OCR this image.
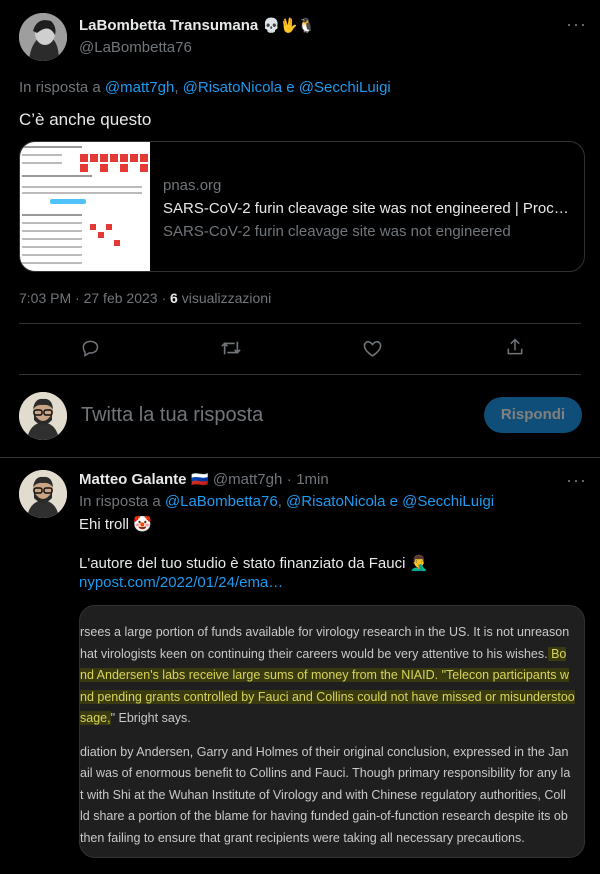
LaBombetta Transumana 💀🖖🐧
@LaBombetta76
···
In risposta a @matt7gh, @RisatoNicola e @SecchiLuigi
C’è anche questo
pnas.org
SARS-CoV-2 furin cleavage site was not engineered | Proc…
SARS-CoV-2 furin cleavage site was not engineered
7:03 PM · 27 feb 2023 · 6 visualizzazioni
Twitta la tua risposta	Rispondi
Matteo Galante 🇷🇺 @matt7gh · 1min	···
In risposta a @LaBombetta76, @RisatoNicola e @SecchiLuigi
Ehi troll 🤡
L'autore del tuo studio è stato finanziato da Fauci 🤦‍♂️
nypost.com/2022/01/24/ema…
rsees a large portion of funds available for virology research in the US. It is not unreason
hat virologists keen on continuing their careers would be very attentive to his wishes. Bo
nd Andersen's labs receive large sums of money from the NIAID. "Telecon participants w
nd pending grants controlled by Fauci and Collins could not have missed or misunderstoo
sage," Ebright says.
diation by Andersen, Garry and Holmes of their original conclusion, expressed in the Jan
ail was of enormous benefit to Collins and Fauci. Though primary responsibility for any la
t with Shi at the Wuhan Institute of Virology and with Chinese regulatory authorities, Coll
ld share a portion of the blame for having funded gain-of-function research despite its ob
then failing to ensure that grant recipients were taking all necessary precautions.
